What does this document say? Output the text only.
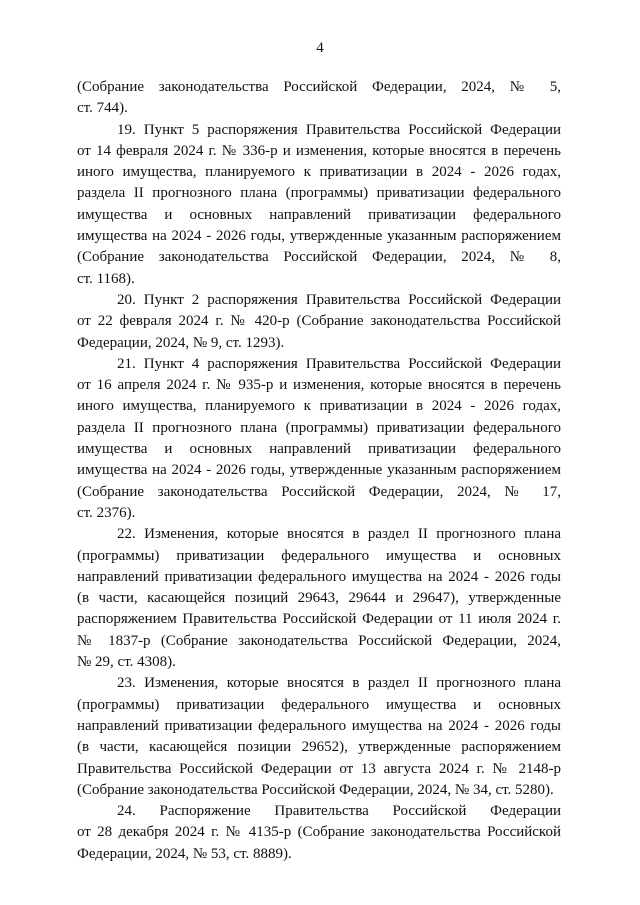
4
(Собрание законодательства Российской Федерации, 2024, № 5,
ст. 744).
19. Пункт 5 распоряжения Правительства Российской Федерации
от 14 февраля 2024 г. № 336-р и изменения, которые вносятся в перечень
иного имущества, планируемого к приватизации в 2024 - 2026 годах,
раздела II прогнозного плана (программы) приватизации федерального
имущества и основных направлений приватизации федерального
имущества на 2024 - 2026 годы, утвержденные указанным распоряжением
(Собрание законодательства Российской Федерации, 2024, № 8,
ст. 1168).
20. Пункт 2 распоряжения Правительства Российской Федерации
от 22 февраля 2024 г. № 420-р (Собрание законодательства Российской
Федерации, 2024, № 9, ст. 1293).
21. Пункт 4 распоряжения Правительства Российской Федерации
от 16 апреля 2024 г. № 935-р и изменения, которые вносятся в перечень
иного имущества, планируемого к приватизации в 2024 - 2026 годах,
раздела II прогнозного плана (программы) приватизации федерального
имущества и основных направлений приватизации федерального
имущества на 2024 - 2026 годы, утвержденные указанным распоряжением
(Собрание законодательства Российской Федерации, 2024, № 17,
ст. 2376).
22. Изменения, которые вносятся в раздел II прогнозного плана
(программы) приватизации федерального имущества и основных
направлений приватизации федерального имущества на 2024 - 2026 годы
(в части, касающейся позиций 29643, 29644 и 29647), утвержденные
распоряжением Правительства Российской Федерации от 11 июля 2024 г.
№ 1837-р (Собрание законодательства Российской Федерации, 2024,
№ 29, ст. 4308).
23. Изменения, которые вносятся в раздел II прогнозного плана
(программы) приватизации федерального имущества и основных
направлений приватизации федерального имущества на 2024 - 2026 годы
(в части, касающейся позиции 29652), утвержденные распоряжением
Правительства Российской Федерации от 13 августа 2024 г. № 2148-р
(Собрание законодательства Российской Федерации, 2024, № 34, ст. 5280).
24. Распоряжение Правительства Российской Федерации
от 28 декабря 2024 г. № 4135-р (Собрание законодательства Российской
Федерации, 2024, № 53, ст. 8889).
